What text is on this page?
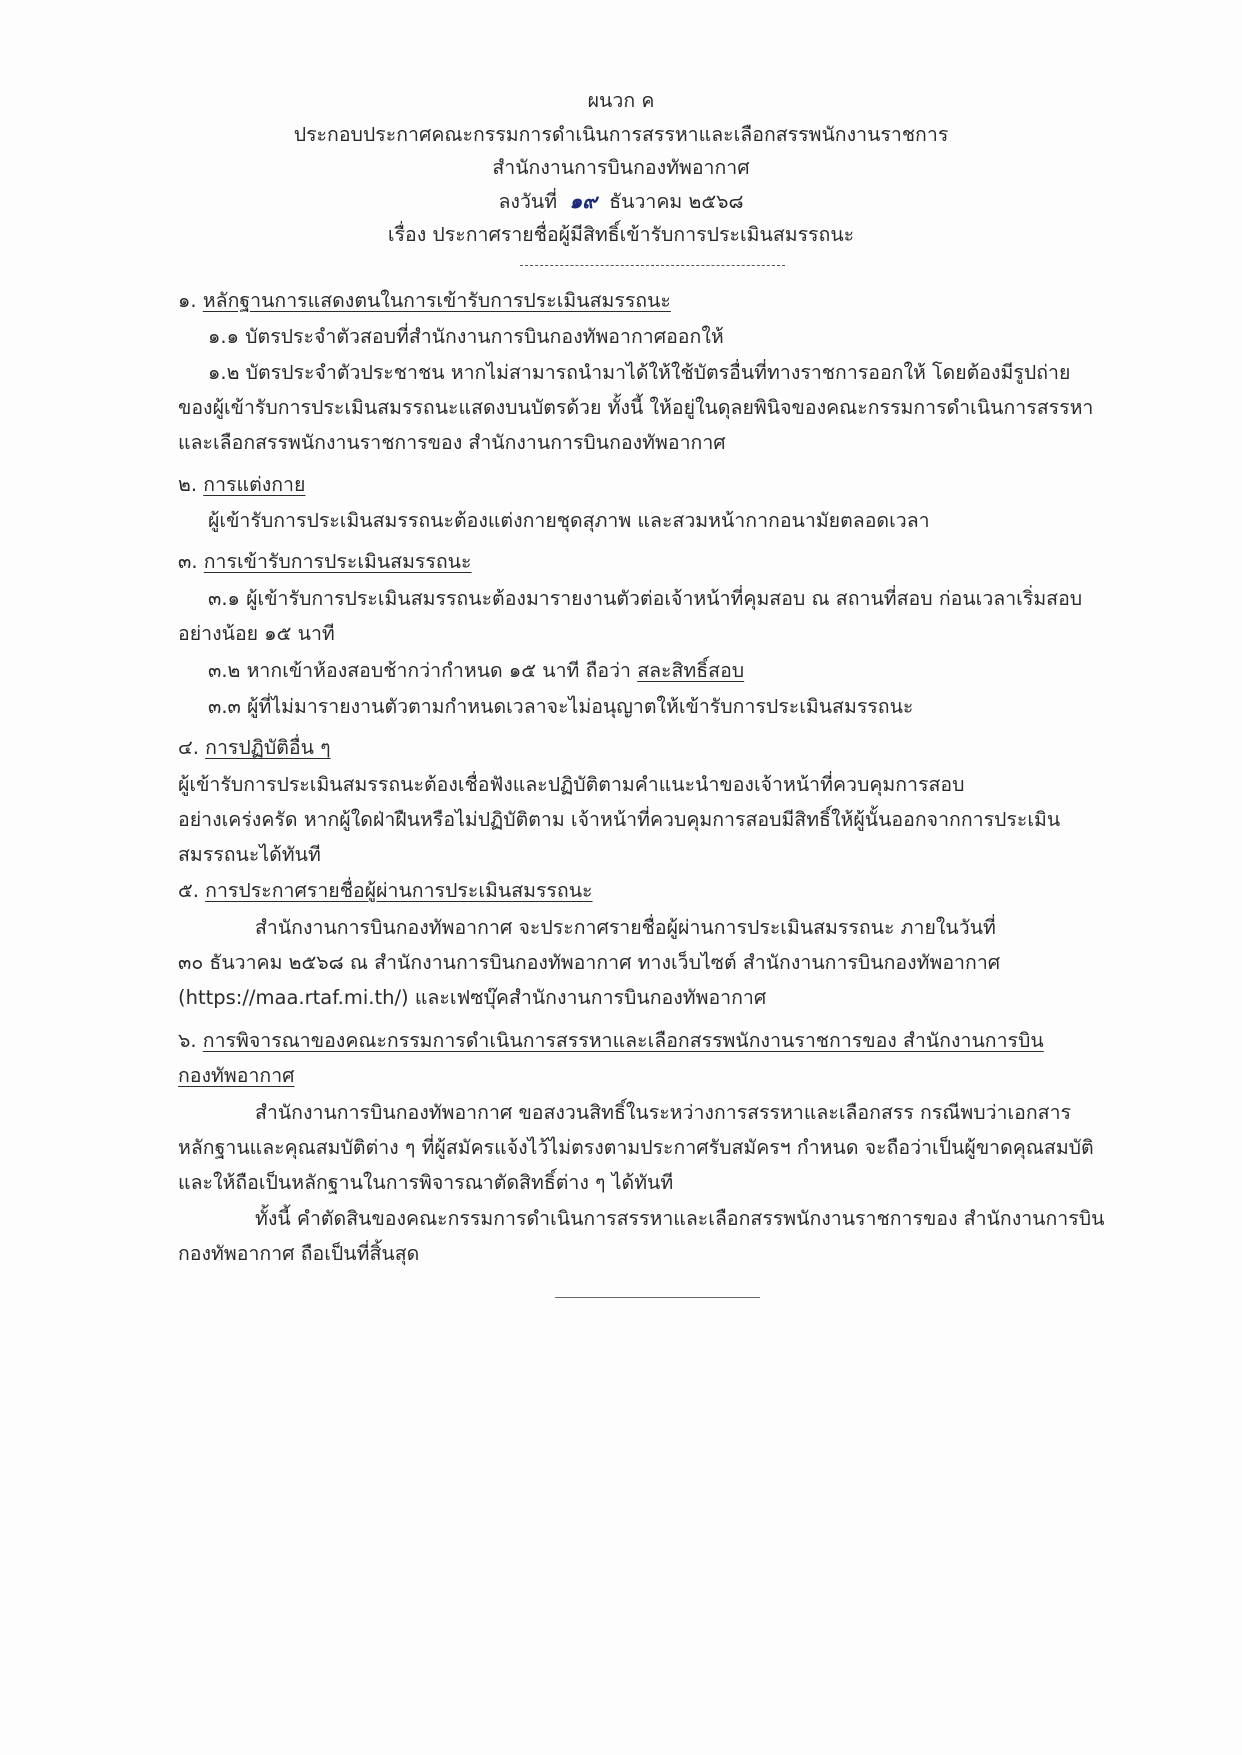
ผนวก ค
ประกอบประกาศคณะกรรมการดำเนินการสรรหาและเลือกสรรพนักงานราชการ
สำนักงานการบินกองทัพอากาศ
ลงวันที่ ๑๙ ธันวาคม ๒๕๖๘
เรื่อง ประกาศรายชื่อผู้มีสิทธิ์เข้ารับการประเมินสมรรถนะ
๑. หลักฐานการแสดงตนในการเข้ารับการประเมินสมรรถนะ
๑.๑ บัตรประจำตัวสอบที่สำนักงานการบินกองทัพอากาศออกให้
๑.๒ บัตรประจำตัวประชาชน หากไม่สามารถนำมาได้ให้ใช้บัตรอื่นที่ทางราชการออกให้ โดยต้องมีรูปถ่าย
ของผู้เข้ารับการประเมินสมรรถนะแสดงบนบัตรด้วย ทั้งนี้ ให้อยู่ในดุลยพินิจของคณะกรรมการดำเนินการสรรหา
และเลือกสรรพนักงานราชการของ สำนักงานการบินกองทัพอากาศ
๒. การแต่งกาย
ผู้เข้ารับการประเมินสมรรถนะต้องแต่งกายชุดสุภาพ และสวมหน้ากากอนามัยตลอดเวลา
๓. การเข้ารับการประเมินสมรรถนะ
๓.๑ ผู้เข้ารับการประเมินสมรรถนะต้องมารายงานตัวต่อเจ้าหน้าที่คุมสอบ ณ สถานที่สอบ ก่อนเวลาเริ่มสอบ
อย่างน้อย ๑๕ นาที
๓.๒ หากเข้าห้องสอบช้ากว่ากำหนด ๑๕ นาที ถือว่า สละสิทธิ์สอบ
๓.๓ ผู้ที่ไม่มารายงานตัวตามกำหนดเวลาจะไม่อนุญาตให้เข้ารับการประเมินสมรรถนะ
๔. การปฏิบัติอื่น ๆ
ผู้เข้ารับการประเมินสมรรถนะต้องเชื่อฟังและปฏิบัติตามคำแนะนำของเจ้าหน้าที่ควบคุมการสอบ
อย่างเคร่งครัด หากผู้ใดฝ่าฝืนหรือไม่ปฏิบัติตาม เจ้าหน้าที่ควบคุมการสอบมีสิทธิ์ให้ผู้นั้นออกจากการประเมิน
สมรรถนะได้ทันที
๕. การประกาศรายชื่อผู้ผ่านการประเมินสมรรถนะ
สำนักงานการบินกองทัพอากาศ จะประกาศรายชื่อผู้ผ่านการประเมินสมรรถนะ ภายในวันที่
๓๐ ธันวาคม ๒๕๖๘ ณ สำนักงานการบินกองทัพอากาศ ทางเว็บไซต์ สำนักงานการบินกองทัพอากาศ
(https://maa.rtaf.mi.th/) และเฟซบุ๊คสำนักงานการบินกองทัพอากาศ
๖. การพิจารณาของคณะกรรมการดำเนินการสรรหาและเลือกสรรพนักงานราชการของ สำนักงานการบิน
กองทัพอากาศ
สำนักงานการบินกองทัพอากาศ ขอสงวนสิทธิ์ในระหว่างการสรรหาและเลือกสรร กรณีพบว่าเอกสาร
หลักฐานและคุณสมบัติต่าง ๆ ที่ผู้สมัครแจ้งไว้ไม่ตรงตามประกาศรับสมัครฯ กำหนด จะถือว่าเป็นผู้ขาดคุณสมบัติ
และให้ถือเป็นหลักฐานในการพิจารณาตัดสิทธิ์ต่าง ๆ ได้ทันที
ทั้งนี้ คำตัดสินของคณะกรรมการดำเนินการสรรหาและเลือกสรรพนักงานราชการของ สำนักงานการบิน
กองทัพอากาศ ถือเป็นที่สิ้นสุด
